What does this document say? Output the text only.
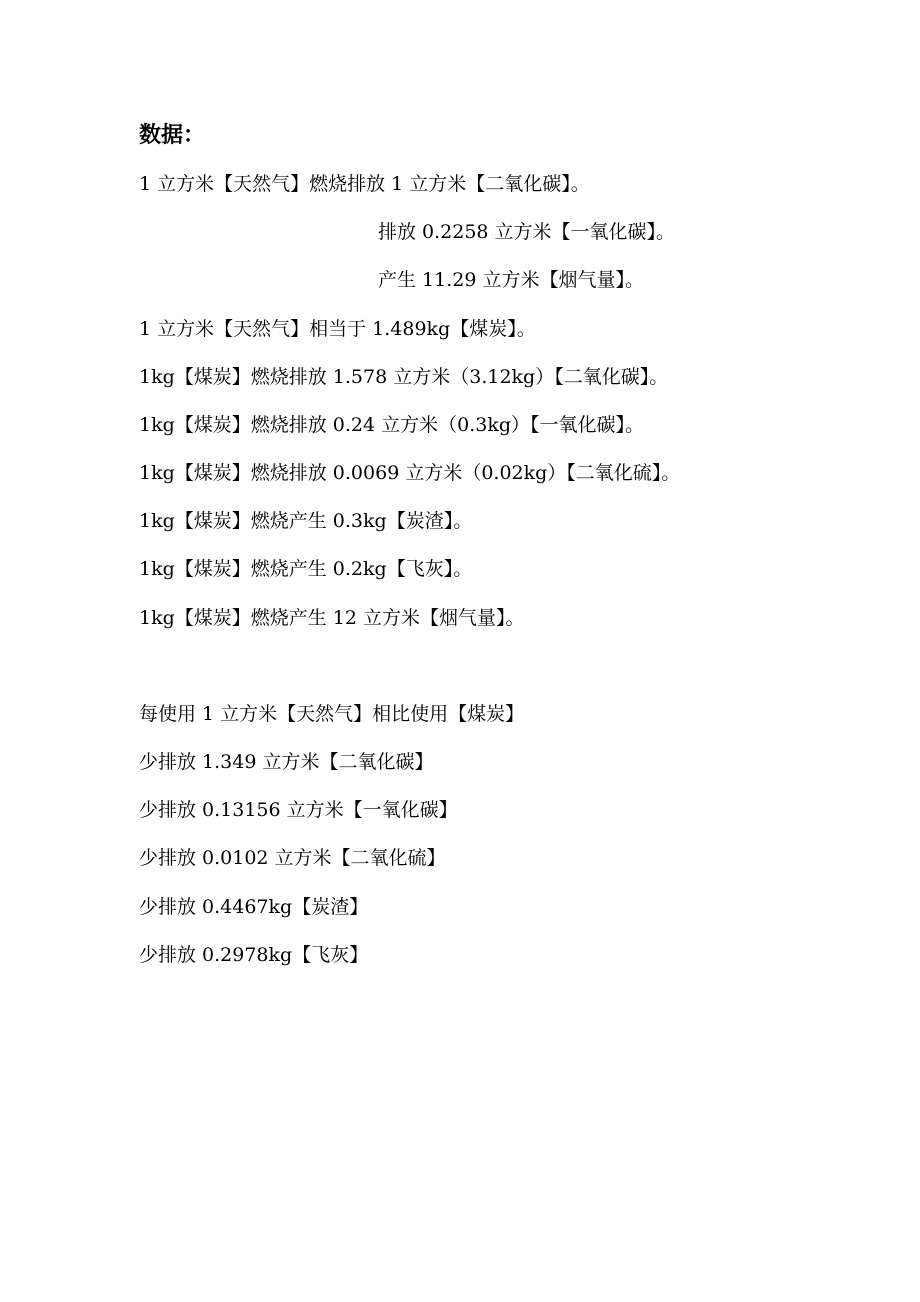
数据：
1 立方米【天然气】燃烧排放 1 立方米【二氧化碳】。
排放 0.2258 立方米【一氧化碳】。
产生 11.29 立方米【烟气量】。
1 立方米【天然气】相当于 1.489kg【煤炭】。
1kg【煤炭】燃烧排放 1.578 立方米（3.12kg）【二氧化碳】。
1kg【煤炭】燃烧排放 0.24 立方米（0.3kg）【一氧化碳】。
1kg【煤炭】燃烧排放 0.0069 立方米（0.02kg）【二氧化硫】。
1kg【煤炭】燃烧产生 0.3kg【炭渣】。
1kg【煤炭】燃烧产生 0.2kg【飞灰】。
1kg【煤炭】燃烧产生 12 立方米【烟气量】。
每使用 1 立方米【天然气】相比使用【煤炭】
少排放 1.349 立方米【二氧化碳】
少排放 0.13156 立方米【一氧化碳】
少排放 0.0102 立方米【二氧化硫】
少排放 0.4467kg【炭渣】
少排放 0.2978kg【飞灰】
